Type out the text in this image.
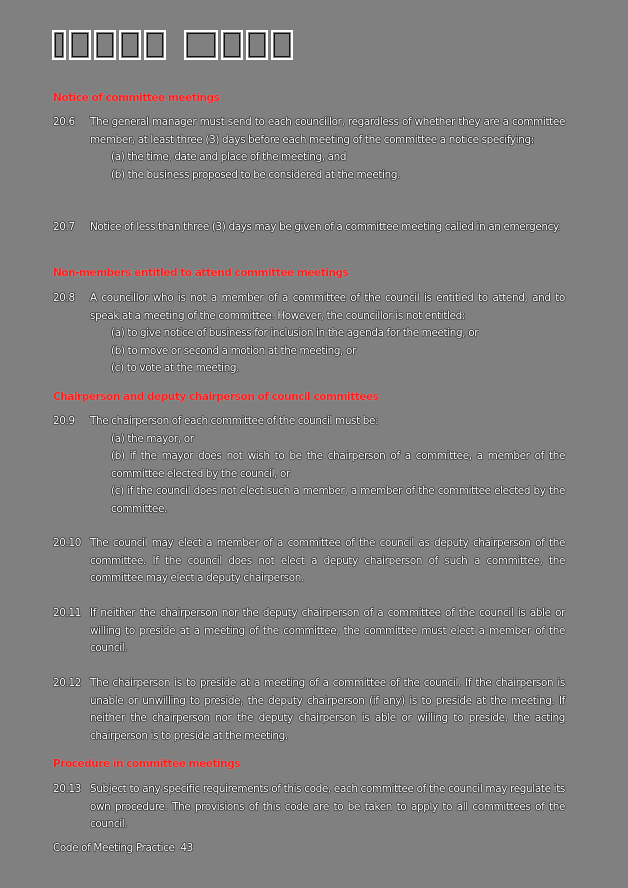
Notice of committee meetings
20.6	The general manager must send to each councillor, regardless of whether they are a committee member, at least three (3) days before each meeting of the committee a notice specifying:
(a) the time, date and place of the meeting, and
(b) the business proposed to be considered at the meeting.
20.7	Notice of less than three (3) days may be given of a committee meeting called in an emergency.
Non-members entitled to attend committee meetings
20.8	A councillor who is not a member of a committee of the council is entitled to attend, and to speak at a meeting of the committee. However, the councillor is not entitled:
(a) to give notice of business for inclusion in the agenda for the meeting, or
(b) to move or second a motion at the meeting, or
(c) to vote at the meeting.
Chairperson and deputy chairperson of council committees
20.9	The chairperson of each committee of the council must be:
(a) the mayor, or
(b) if the mayor does not wish to be the chairperson of a committee, a member of the committee elected by the council, or
(c) if the council does not elect such a member, a member of the committee elected by the committee.
20.10 The council may elect a member of a committee of the council as deputy chairperson of the committee. If the council does not elect a deputy chairperson of such a committee, the committee may elect a deputy chairperson.
20.11 If neither the chairperson nor the deputy chairperson of a committee of the council is able or willing to preside at a meeting of the committee, the committee must elect a member of the council.
20.12 The chairperson is to preside at a meeting of a committee of the council. If the chairperson is unable or unwilling to preside, the deputy chairperson (if any) is to preside at the meeting. If neither the chairperson nor the deputy chairperson is able or willing to preside, the acting chairperson is to preside at the meeting.
Procedure in committee meetings
20.13 Subject to any specific requirements of this code, each committee of the council may regulate its own procedure. The provisions of this code are to be taken to apply to all committees of the council.
Code of Meeting Practice  43
